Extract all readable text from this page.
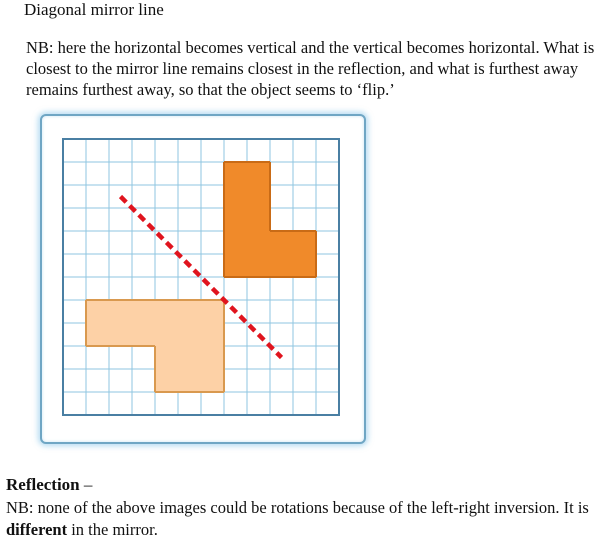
Diagonal mirror line

NB: here the horizontal becomes vertical and the vertical becomes horizontal. What is closest to the mirror line remains closest in the reflection, and what is furthest away remains furthest away, so that the object seems to ‘flip.’

Reflection –

NB: none of the above images could be rotations because of the left-right inversion. It is different in the mirror.
